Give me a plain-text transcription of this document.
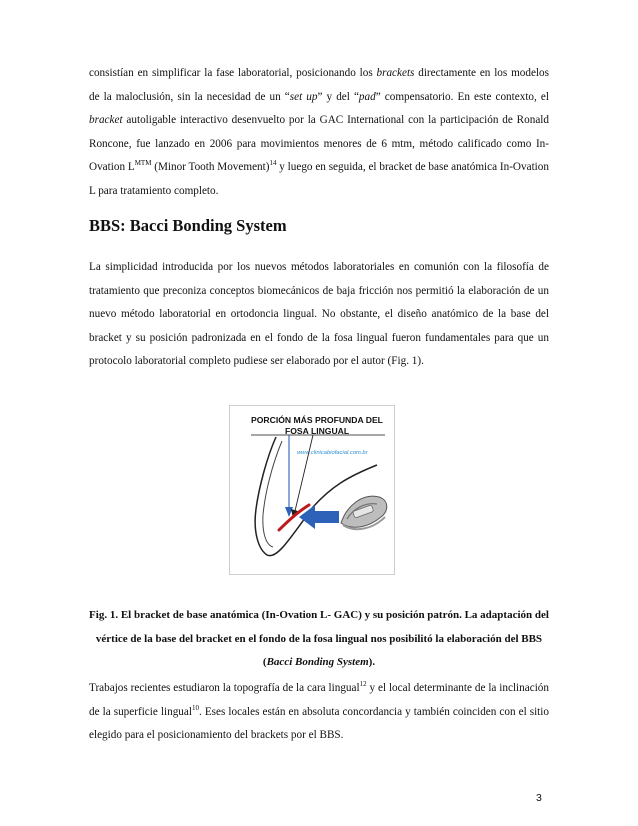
consistían en simplificar la fase laboratorial, posicionando los brackets directamente en los modelos de la maloclusión, sin la necesidad de un “set up” y del “pad” compensatorio. En este contexto, el bracket autoligable interactivo desenvuelto por la GAC International con la participación de Ronald Roncone, fue lanzado en 2006 para movimientos menores de 6 mtm, método calificado como In-Ovation $L^{MTM}$ (Minor Tooth Movement)$^{14}$ y luego en seguida, el bracket de base anatómica In-Ovation L para tratamiento completo.

BBS: Bacci Bonding System

La simplicidad introducida por los nuevos métodos laboratoriales en comunión con la filosofía de tratamiento que preconiza conceptos biomecánicos de baja fricción nos permitió la elaboración de un nuevo método laboratorial en ortodoncia lingual. No obstante, el diseño anatómico de la base del bracket y su posición padronizada en el fondo de la fosa lingual fueron fundamentales para que un protocolo laboratorial completo pudiese ser elaborado por el autor (Fig. 1).

PORCIÓN MÁS PROFUNDA DEL
FOSA LINGUAL
www.clinicabiofacial.com.br

Fig. 1. El bracket de base anatómica (In-Ovation L- GAC) y su posición patrón. La adaptación del vértice de la base del bracket en el fondo de la fosa lingual nos posibilitó la elaboración del BBS (Bacci Bonding System).

Trabajos recientes estudiaron la topografía de la cara lingual$^{12}$ y el local determinante de la inclinación de la superficie lingual$^{10}$. Eses locales están en absoluta concordancia y también coinciden con el sitio elegido para el posicionamiento del brackets por el BBS.

3
